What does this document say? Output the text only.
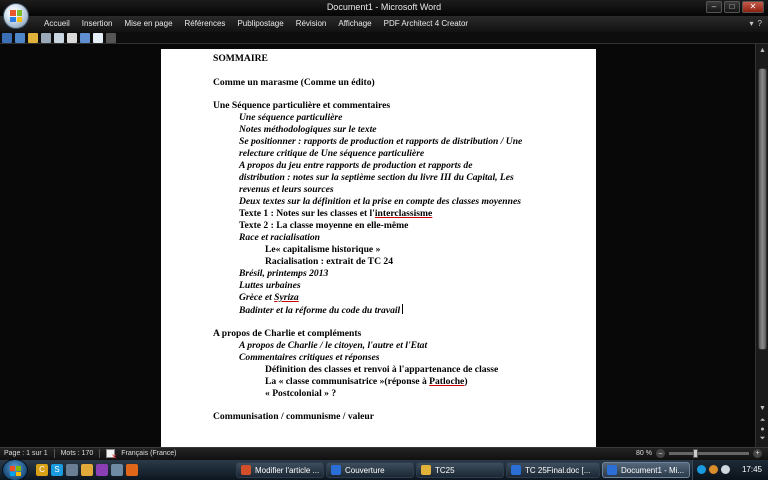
Document1 - Microsoft Word	–	□	✕
Accueil	Insertion	Mise en page	Références	Publipostage	Révision	Affichage	PDF Architect 4 Creator	▾ ?
SOMMAIRE
Comme un marasme (Comme un édito)
Une Séquence particulière et commentaires
Une séquence particulière
Notes méthodologiques sur le texte
Se positionner : rapports de production et rapports de distribution / Une
relecture critique de Une séquence particulière
A propos du jeu entre rapports de production et rapports de
distribution : notes sur la septième section du livre III du Capital, Les
revenus et leurs sources
Deux textes sur la définition et la prise en compte des classes moyennes
Texte 1 : Notes sur les classes et l'interclassisme
Texte 2 : La classe moyenne en elle-même
Race et racialisation
Le« capitalisme historique »
Racialisation : extrait de TC 24
Brésil, printemps 2013
Luttes urbaines
Grèce et Syriza
Badinter et la réforme du code du travail
A propos de Charlie et compléments
A propos de Charlie / le citoyen, l'autre et l'Etat
Commentaires critiques et réponses
Définition des classes et renvoi à l'appartenance de classe
La « classe communisatrice »(réponse à Patloche)
« Postcolonial » ?
Communisation / communisme / valeur
▲
▼
⏶
●
⏷
Page : 1 sur 1 Mots : 170
✕	Français (France)	80 % –	+
C	S	Modifier l'article ...	Couverture	TC25	TC 25Final.doc [...	Document1 - Mi...	17:45
